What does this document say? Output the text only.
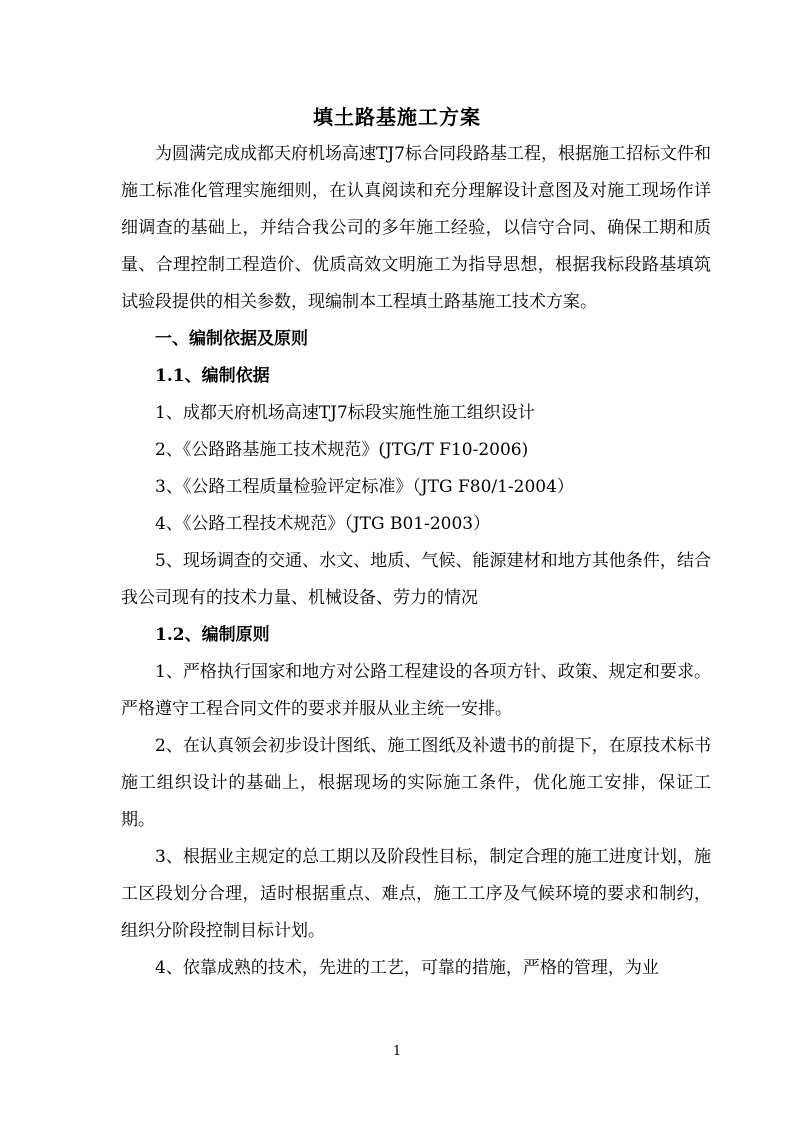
填土路基施工方案

为圆满完成成都天府机场高速TJ7标合同段路基工程，根据施工招标文件和施工标准化管理实施细则，在认真阅读和充分理解设计意图及对施工现场作详细调查的基础上，并结合我公司的多年施工经验，以信守合同、确保工期和质量、合理控制工程造价、优质高效文明施工为指导思想，根据我标段路基填筑试验段提供的相关参数，现编制本工程填土路基施工技术方案。

一、编制依据及原则

1.1、编制依据

1、成都天府机场高速TJ7标段实施性施工组织设计

2、《公路路基施工技术规范》(JTG/T F10-2006)

3、《公路工程质量检验评定标准》（JTG F80/1-2004）

4、《公路工程技术规范》（JTG B01-2003）

5、现场调查的交通、水文、地质、气候、能源建材和地方其他条件，结合我公司现有的技术力量、机械设备、劳力的情况

1.2、编制原则

1、严格执行国家和地方对公路工程建设的各项方针、政策、规定和要求。严格遵守工程合同文件的要求并服从业主统一安排。

2、在认真领会初步设计图纸、施工图纸及补遗书的前提下，在原技术标书施工组织设计的基础上，根据现场的实际施工条件，优化施工安排，保证工期。

3、根据业主规定的总工期以及阶段性目标，制定合理的施工进度计划，施工区段划分合理，适时根据重点、难点，施工工序及气候环境的要求和制约，组织分阶段控制目标计划。

4、依靠成熟的技术，先进的工艺，可靠的措施，严格的管理，为业

1
